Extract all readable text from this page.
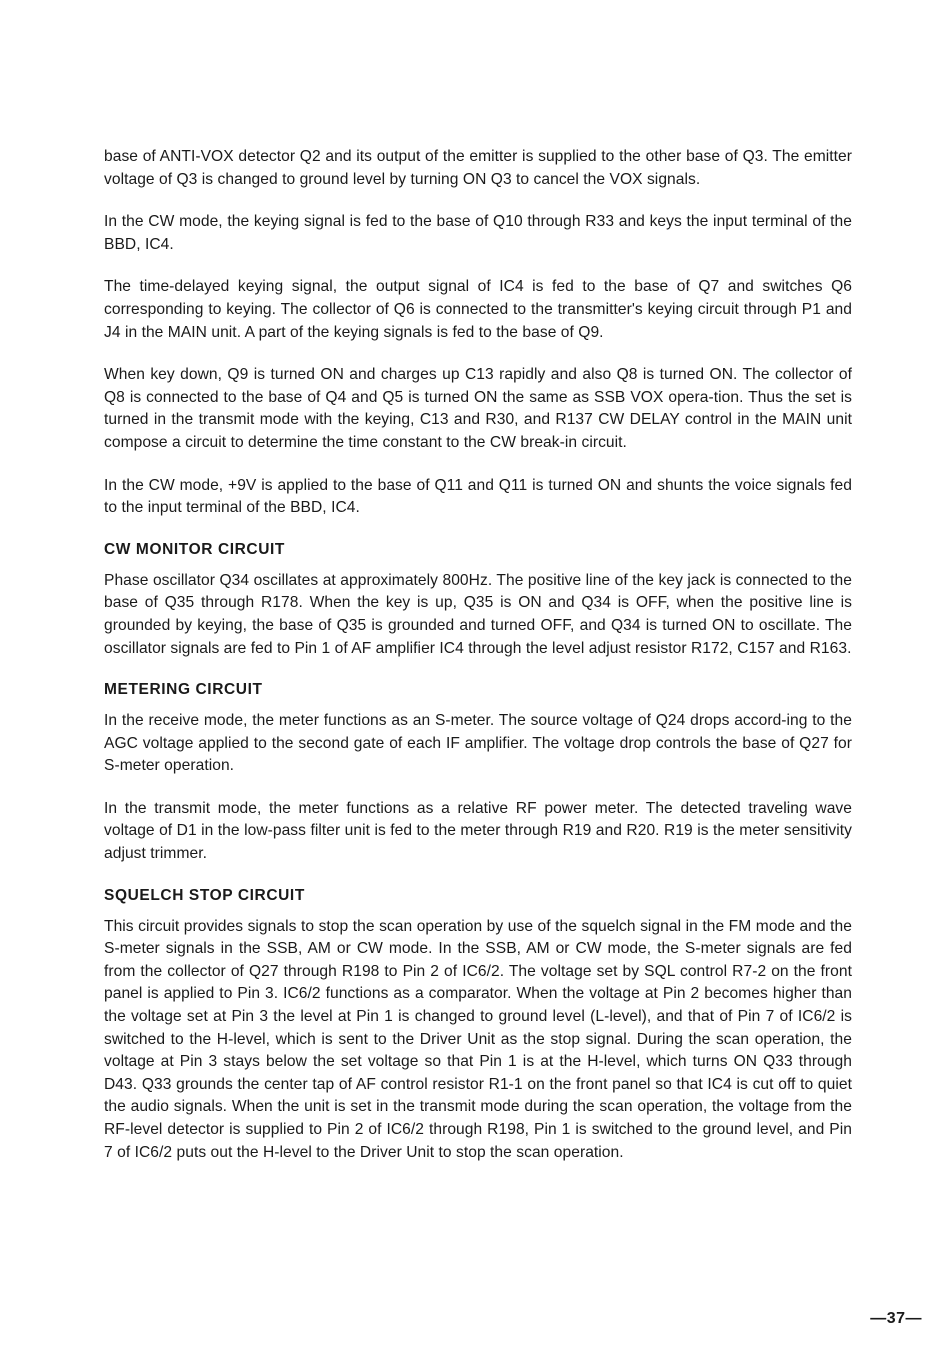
base of ANTI-VOX detector Q2 and its output of the emitter is supplied to the other base of Q3. The emitter voltage of Q3 is changed to ground level by turning ON Q3 to cancel the VOX signals.

In the CW mode, the keying signal is fed to the base of Q10 through R33 and keys the input terminal of the BBD, IC4.

The time-delayed keying signal, the output signal of IC4 is fed to the base of Q7 and switches Q6 corresponding to keying. The collector of Q6 is connected to the transmitter's keying circuit through P1 and J4 in the MAIN unit. A part of the keying signals is fed to the base of Q9.

When key down, Q9 is turned ON and charges up C13 rapidly and also Q8 is turned ON. The collector of Q8 is connected to the base of Q4 and Q5 is turned ON the same as SSB VOX opera-tion. Thus the set is turned in the transmit mode with the keying, C13 and R30, and R137 CW DELAY control in the MAIN unit compose a circuit to determine the time constant to the CW break-in circuit.

In the CW mode, +9V is applied to the base of Q11 and Q11 is turned ON and shunts the voice signals fed to the input terminal of the BBD, IC4.

CW MONITOR CIRCUIT

Phase oscillator Q34 oscillates at approximately 800Hz. The positive line of the key jack is connected to the base of Q35 through R178. When the key is up, Q35 is ON and Q34 is OFF, when the positive line is grounded by keying, the base of Q35 is grounded and turned OFF, and Q34 is turned ON to oscillate. The oscillator signals are fed to Pin 1 of AF amplifier IC4 through the level adjust resistor R172, C157 and R163.

METERING CIRCUIT

In the receive mode, the meter functions as an S-meter. The source voltage of Q24 drops accord-ing to the AGC voltage applied to the second gate of each IF amplifier. The voltage drop controls the base of Q27 for S-meter operation.

In the transmit mode, the meter functions as a relative RF power meter. The detected traveling wave voltage of D1 in the low-pass filter unit is fed to the meter through R19 and R20. R19 is the meter sensitivity adjust trimmer.

SQUELCH STOP CIRCUIT

This circuit provides signals to stop the scan operation by use of the squelch signal in the FM mode and the S-meter signals in the SSB, AM or CW mode. In the SSB, AM or CW mode, the S-meter signals are fed from the collector of Q27 through R198 to Pin 2 of IC6/2. The voltage set by SQL control R7-2 on the front panel is applied to Pin 3. IC6/2 functions as a comparator. When the voltage at Pin 2 becomes higher than the voltage set at Pin 3 the level at Pin 1 is changed to ground level (L-level), and that of Pin 7 of IC6/2 is switched to the H-level, which is sent to the Driver Unit as the stop signal. During the scan operation, the voltage at Pin 3 stays below the set voltage so that Pin 1 is at the H-level, which turns ON Q33 through D43. Q33 grounds the center tap of AF control resistor R1-1 on the front panel so that IC4 is cut off to quiet the audio signals. When the unit is set in the transmit mode during the scan operation, the voltage from the RF-level detector is supplied to Pin 2 of IC6/2 through R198, Pin 1 is switched to the ground level, and Pin 7 of IC6/2 puts out the H-level to the Driver Unit to stop the scan operation.

—37—
